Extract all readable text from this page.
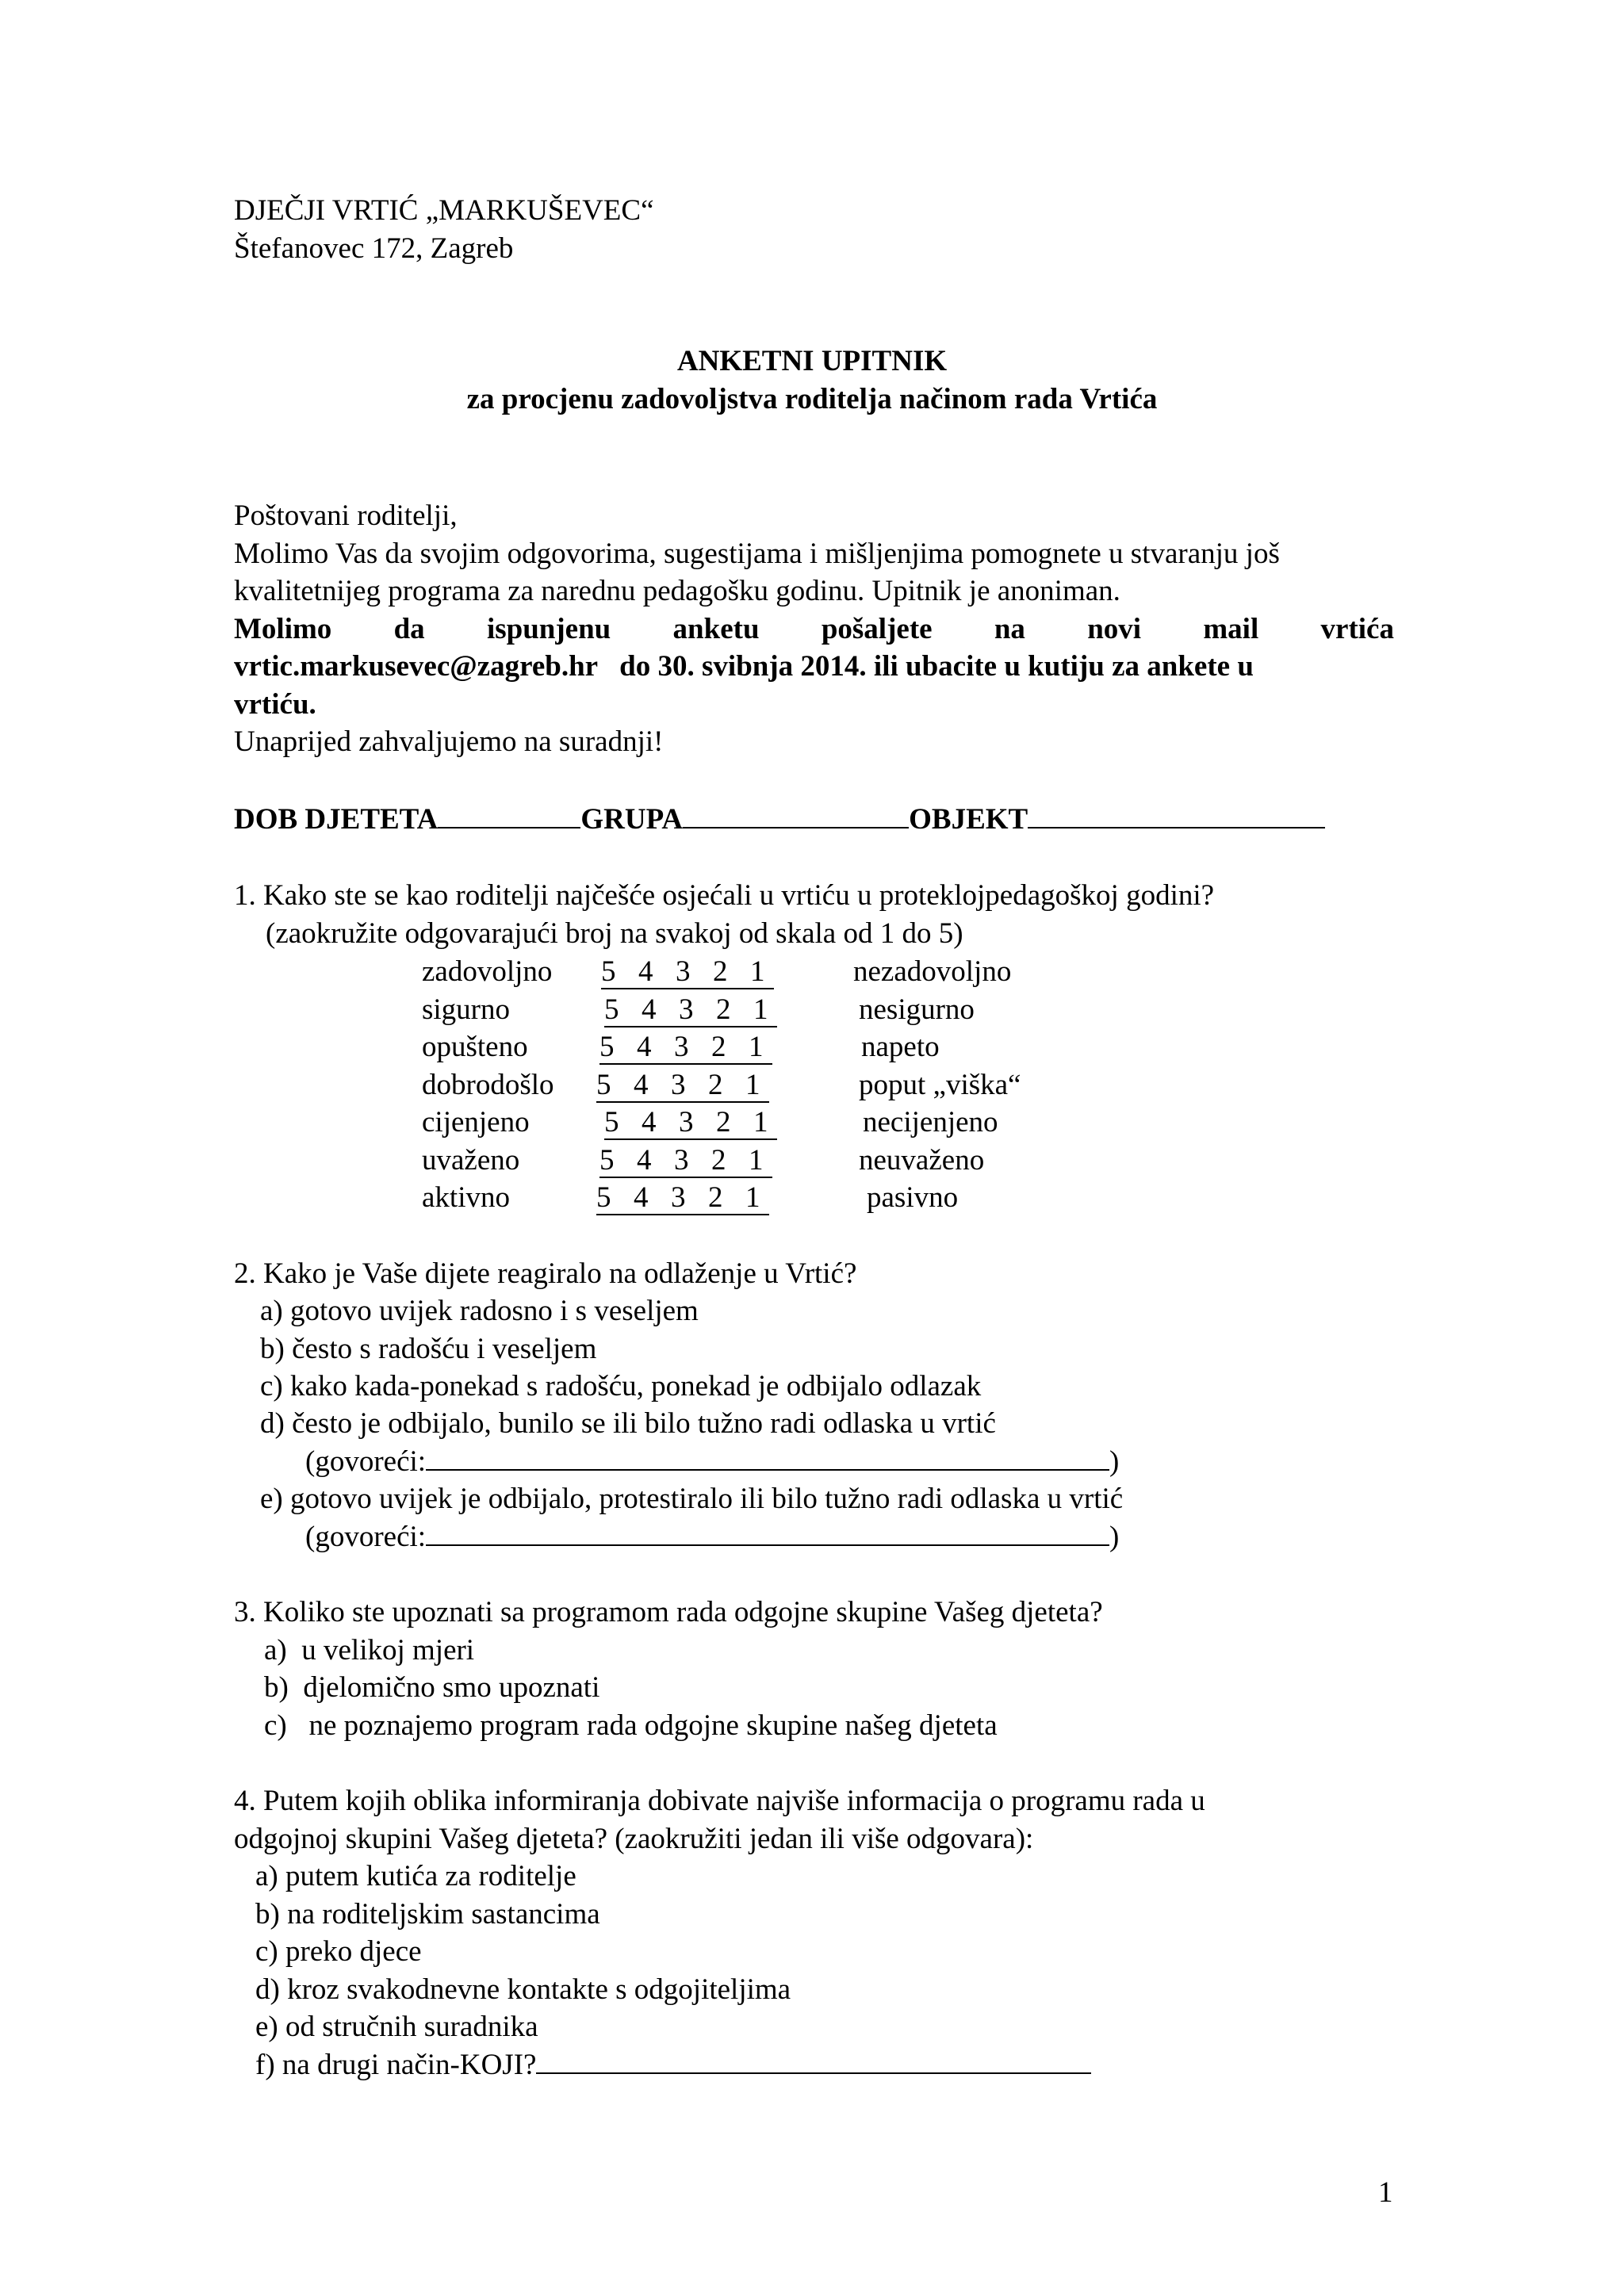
DJEČJI VRTIĆ „MARKUŠEVEC“
Štefanovec 172, Zagreb
ANKETNI UPITNIK
za procjenu zadovoljstva roditelja načinom rada Vrtića
Poštovani roditelji,
Molimo Vas da svojim odgovorima, sugestijama i mišljenjima pomognete u stvaranju još
kvalitetnijeg programa za narednu pedagošku godinu. Upitnik je anoniman.
Molimo da ispunjenu anketu pošaljete na novi mail vrtića
vrtic.markusevec@zagreb.hr   do 30. svibnja 2014. ili ubacite u kutiju za ankete u
vrtiću.
Unaprijed zahvaljujemo na suradnji!
DOB DJETETA	GRUPA	OBJEKT
1. Kako ste se kao roditelji najčešće osjećali u vrtiću u proteklojpedagoškoj godini?
(zaokružite odgovarajući broj na svakoj od skala od 1 do 5)
zadovoljno 5 4 3 2 1	nezadovoljno
sigurno	5 4 3 2 1	nesigurno
opušteno 5 4 3 2 1	napeto
dobrodošlo 5 4 3 2 1	poput „viška“
cijenjeno	5 4 3 2 1	necijenjeno
uvaženo	5 4 3 2 1	neuvaženo
aktivno	5 4 3 2 1	pasivno
2. Kako je Vaše dijete reagiralo na odlaženje u Vrtić?
a) gotovo uvijek radosno i s veseljem
b) često s radošću i veseljem
c) kako kada-ponekad s radošću, ponekad je odbijalo odlazak
d) često je odbijalo, bunilo se ili bilo tužno radi odlaska u vrtić
(govoreći:	)
e) gotovo uvijek je odbijalo, protestiralo ili bilo tužno radi odlaska u vrtić
(govoreći:	)
3. Koliko ste upoznati sa programom rada odgojne skupine Vašeg djeteta?
a)  u velikoj mjeri
b)  djelomično smo upoznati
c)   ne poznajemo program rada odgojne skupine našeg djeteta
4. Putem kojih oblika informiranja dobivate najviše informacija o programu rada u
odgojnoj skupini Vašeg djeteta? (zaokružiti jedan ili više odgovara):
a) putem kutića za roditelje
b) na roditeljskim sastancima
c) preko djece
d) kroz svakodnevne kontakte s odgojiteljima
e) od stručnih suradnika
f) na drugi način-KOJI?
1
